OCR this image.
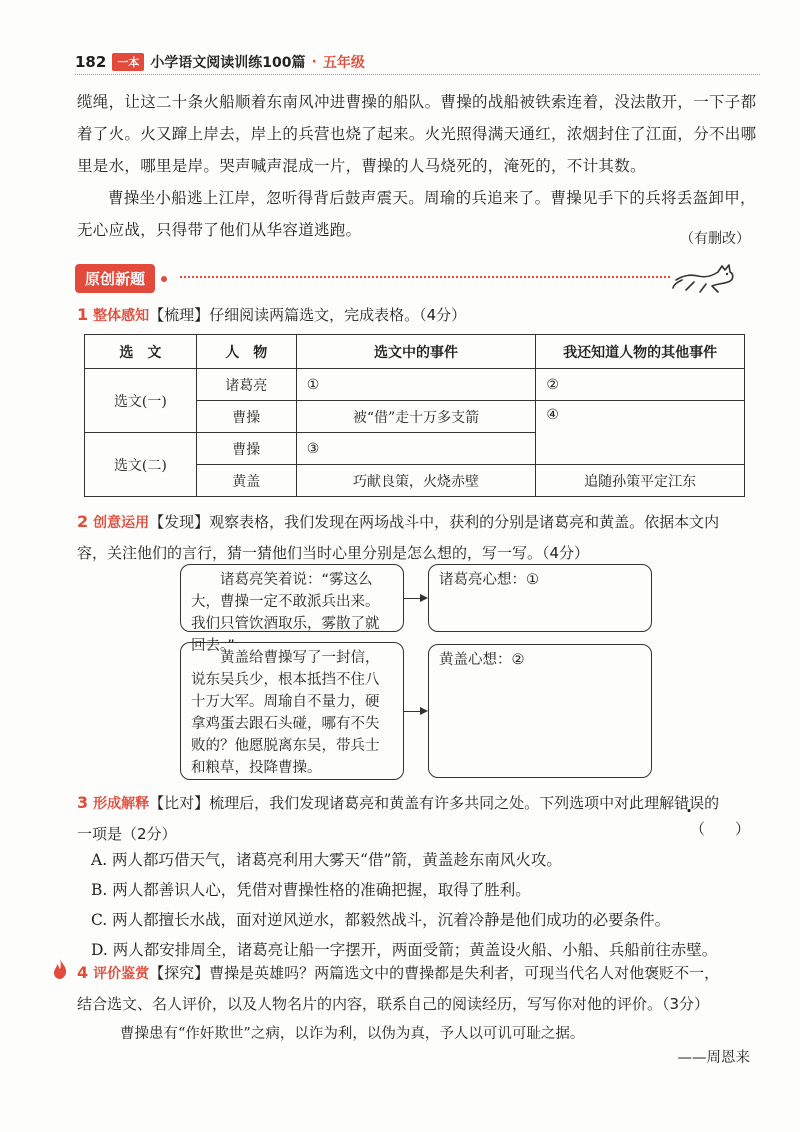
182	一本 小学语文阅读训练100篇 · 五年级

缆绳，让这二十条火船顺着东南风冲进曹操的船队。曹操的战船被铁索连着，没法散开，一下子都着了火。火又蹿上岸去，岸上的兵营也烧了起来。火光照得满天通红，浓烟封住了江面，分不出哪里是水，哪里是岸。哭声喊声混成一片，曹操的人马烧死的，淹死的，不计其数。

曹操坐小船逃上江岸，忽听得背后鼓声震天。周瑜的兵追来了。曹操见手下的兵将丢盔卸甲，无心应战，只得带了他们从华容道逃跑。	（有删改）
原创新题
1 整体感知【梳理】仔细阅读两篇选文，完成表格。（4分）
选　文	人　物	选文中的事件	我还知道人物的其他事件
选文(一)	诸葛亮	①	②
	曹操	被“借”走十万多支箭	④
选文(二)	曹操	③	
	黄盖	巧献良策，火烧赤壁	追随孙策平定江东
2 创意运用【发现】观察表格，我们发现在两场战斗中，获利的分别是诸葛亮和黄盖。依据本文内
容，关注他们的言行，猜一猜他们当时心里分别是怎么想的，写一写。（4分）
诸葛亮笑着说：“雾这么大，曹操一定不敢派兵出来。我们只管饮酒取乐，雾散了就回去。”
诸葛亮心想：①
黄盖给曹操写了一封信，说东吴兵少，根本抵挡不住八十万大军。周瑜自不量力，硬拿鸡蛋去跟石头碰，哪有不失败的？他愿脱离东吴，带兵士和粮草，投降曹操。
黄盖心想：②
3 形成解释【比对】梳理后，我们发现诸葛亮和黄盖有许多共同之处。下列选项中对此理解错误的
一项是（2分）	（　　）
A. 两人都巧借天气，诸葛亮利用大雾天“借”箭，黄盖趁东南风火攻。
B. 两人都善识人心，凭借对曹操性格的准确把握，取得了胜利。
C. 两人都擅长水战，面对逆风逆水，都毅然战斗，沉着冷静是他们成功的必要条件。
D. 两人都安排周全，诸葛亮让船一字摆开，两面受箭；黄盖设火船、小船、兵船前往赤壁。
4 评价鉴赏【探究】曹操是英雄吗？两篇选文中的曹操都是失利者，可现当代名人对他褒贬不一，
结合选文、名人评价，以及人物名片的内容，联系自己的阅读经历，写写你对他的评价。（3分）
曹操患有“作奸欺世”之病，以诈为利，以伪为真，予人以可讥可耻之据。
——周恩来
